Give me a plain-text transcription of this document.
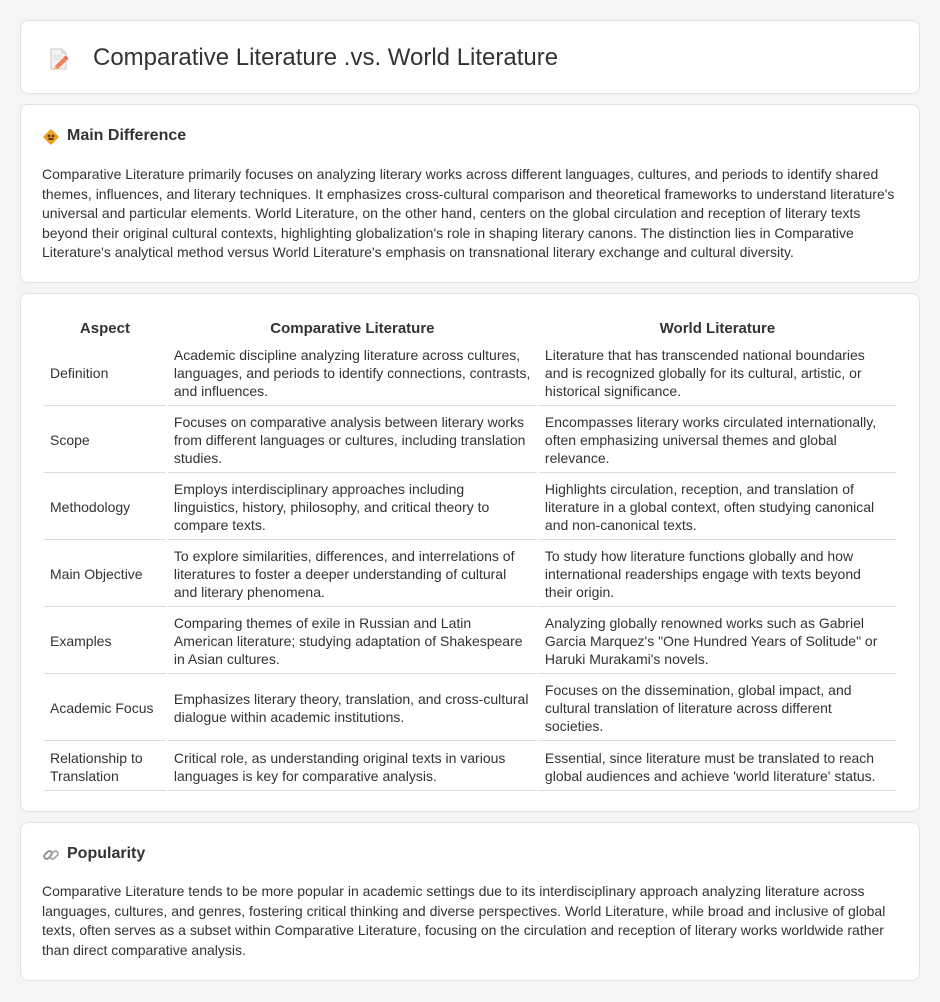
Comparative Literature .vs. World Literature
Main Difference

Comparative Literature primarily focuses on analyzing literary works across different languages, cultures, and periods to identify shared themes, influences, and literary techniques. It emphasizes cross-cultural comparison and theoretical frameworks to understand literature's universal and particular elements. World Literature, on the other hand, centers on the global circulation and reception of literary texts beyond their original cultural contexts, highlighting globalization's role in shaping literary canons. The distinction lies in Comparative Literature's analytical method versus World Literature's emphasis on transnational literary exchange and cultural diversity.

Aspect	Comparative Literature	World Literature
Definition	Academic discipline analyzing literature across cultures, languages, and periods to identify connections, contrasts, and influences.	Literature that has transcended national boundaries and is recognized globally for its cultural, artistic, or historical significance.
Scope	Focuses on comparative analysis between literary works from different languages or cultures, including translation studies.	Encompasses literary works circulated internationally, often emphasizing universal themes and global relevance.
Methodology	Employs interdisciplinary approaches including linguistics, history, philosophy, and critical theory to compare texts.	Highlights circulation, reception, and translation of literature in a global context, often studying canonical and non-canonical texts.
Main Objective	To explore similarities, differences, and interrelations of literatures to foster a deeper understanding of cultural and literary phenomena.	To study how literature functions globally and how international readerships engage with texts beyond their origin.
Examples	Comparing themes of exile in Russian and Latin American literature; studying adaptation of Shakespeare in Asian cultures.	Analyzing globally renowned works such as Gabriel Garcia Marquez's "One Hundred Years of Solitude" or Haruki Murakami's novels.
Academic Focus	Emphasizes literary theory, translation, and cross-cultural dialogue within academic institutions.	Focuses on the dissemination, global impact, and cultural translation of literature across different societies.
Relationship to Translation	Critical role, as understanding original texts in various languages is key for comparative analysis.	Essential, since literature must be translated to reach global audiences and achieve 'world literature' status.
Popularity

Comparative Literature tends to be more popular in academic settings due to its interdisciplinary approach analyzing literature across languages, cultures, and genres, fostering critical thinking and diverse perspectives. World Literature, while broad and inclusive of global texts, often serves as a subset within Comparative Literature, focusing on the circulation and reception of literary works worldwide rather than direct comparative analysis.
